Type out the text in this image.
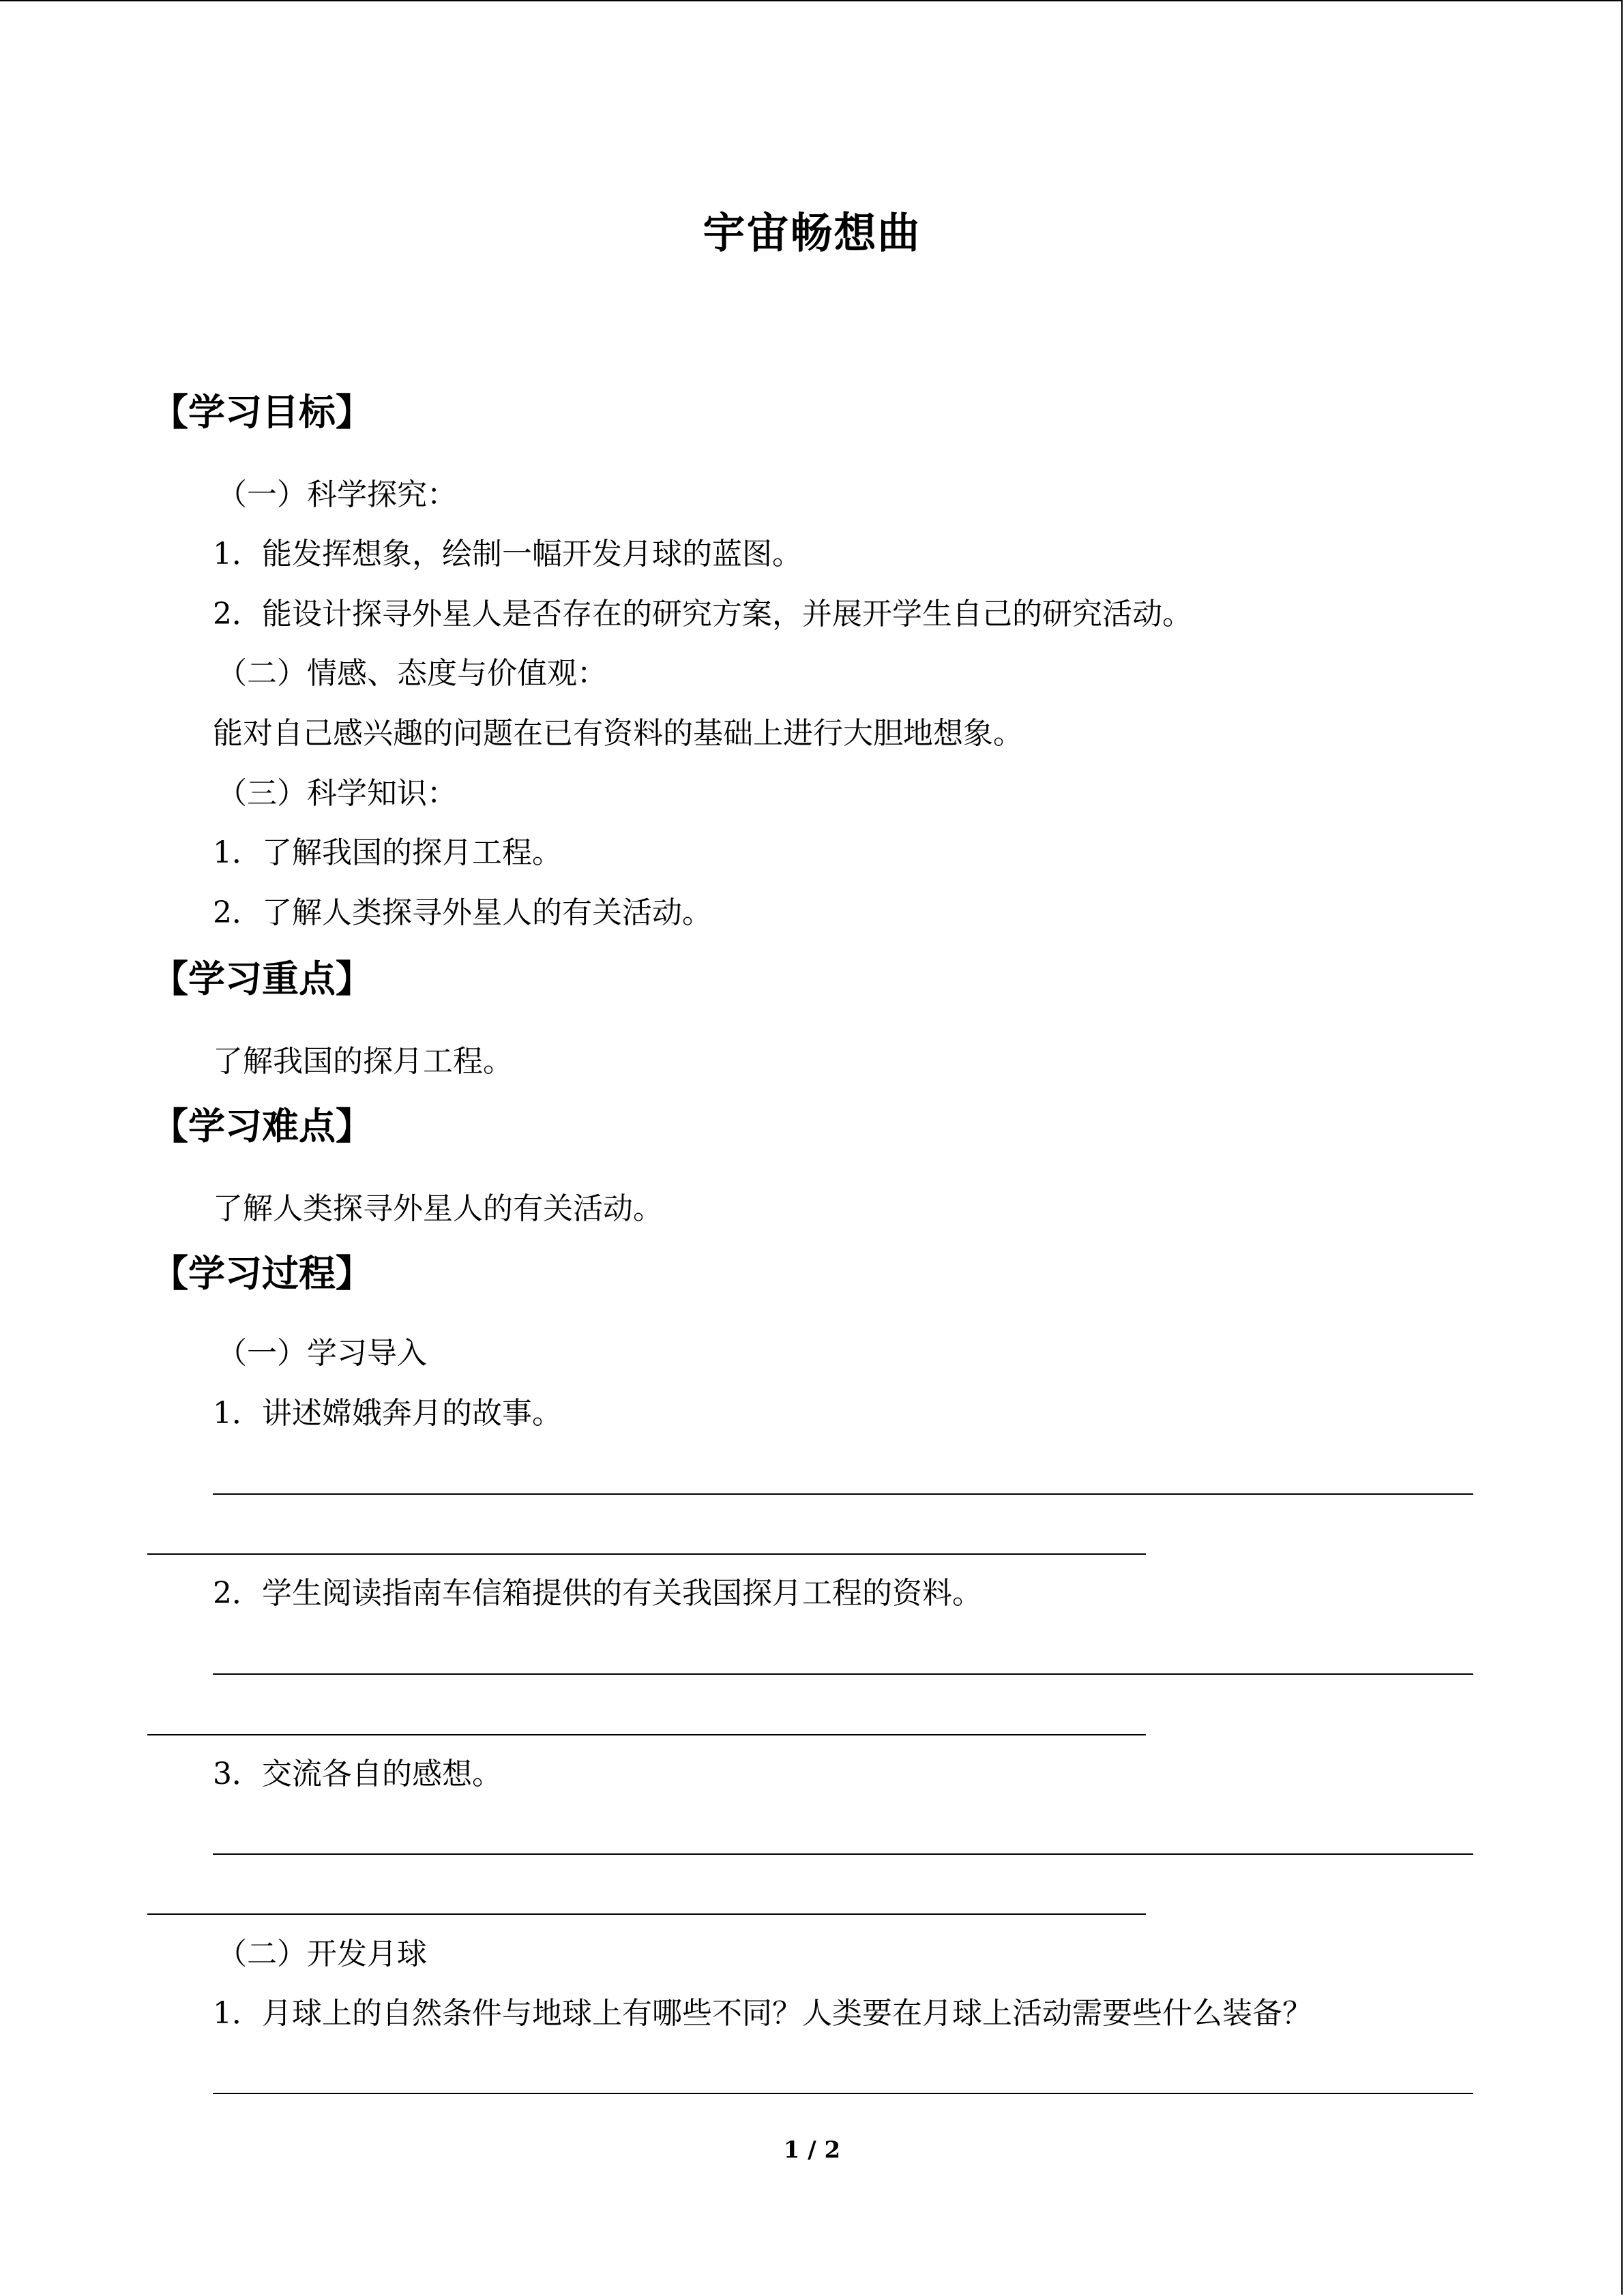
宇宙畅想曲
【学习目标】
（一）科学探究：
1．能发挥想象，绘制一幅开发月球的蓝图。
2．能设计探寻外星人是否存在的研究方案，并展开学生自己的研究活动。
（二）情感、态度与价值观：
能对自己感兴趣的问题在已有资料的基础上进行大胆地想象。
（三）科学知识：
1．了解我国的探月工程。
2．了解人类探寻外星人的有关活动。
【学习重点】
了解我国的探月工程。
【学习难点】
了解人类探寻外星人的有关活动。
【学习过程】
（一）学习导入
1．讲述嫦娥奔月的故事。
2．学生阅读指南车信箱提供的有关我国探月工程的资料。
3．交流各自的感想。
（二）开发月球
1．月球上的自然条件与地球上有哪些不同？人类要在月球上活动需要些什么装备？
1 / 2
